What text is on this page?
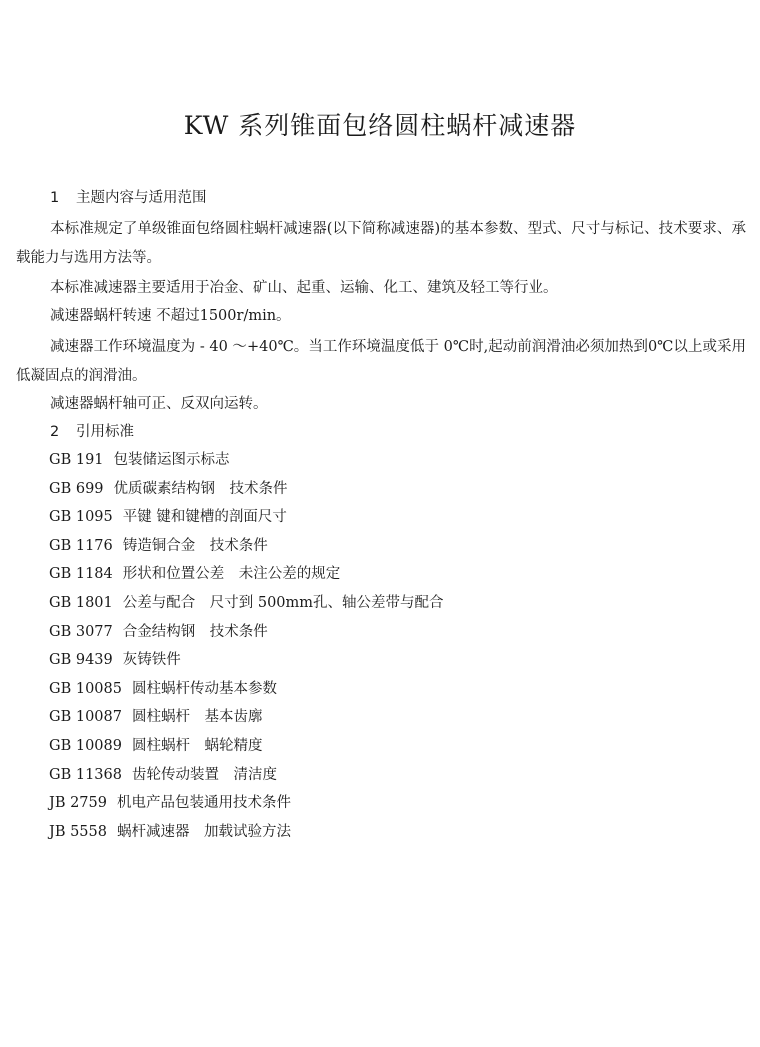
KW 系列锥面包络圆柱蜗杆减速器
1 主题内容与适用范围

本标准规定了单级锥面包络圆柱蜗杆减速器(以下简称减速器)的基本参数、型式、尺寸与标记、技术要求、承载能力与选用方法等。

本标准减速器主要适用于冶金、矿山、起重、运输、化工、建筑及轻工等行业。

减速器蜗杆转速 不超过1500r/min。

减速器工作环境温度为 - 40 ～+40℃。当工作环境温度低于 0℃时,起动前润滑油必须加热到0℃以上或采用低凝固点的润滑油。

减速器蜗杆轴可正、反双向运转。

2 引用标准
GB 191 包装储运图示标志
GB 699 优质碳素结构钢　技术条件
GB 1095 平键 键和键槽的剖面尺寸
GB 1176 铸造铜合金　技术条件
GB 1184 形状和位置公差　未注公差的规定
GB 1801 公差与配合　尺寸到 500mm孔、轴公差带与配合
GB 3077 合金结构钢　技术条件
GB 9439 灰铸铁件
GB 10085 圆柱蜗杆传动基本参数
GB 10087 圆柱蜗杆　基本齿廓
GB 10089 圆柱蜗杆　蜗轮精度
GB 11368 齿轮传动装置　清洁度
JB 2759 机电产品包装通用技术条件
JB 5558 蜗杆减速器　加载试验方法
